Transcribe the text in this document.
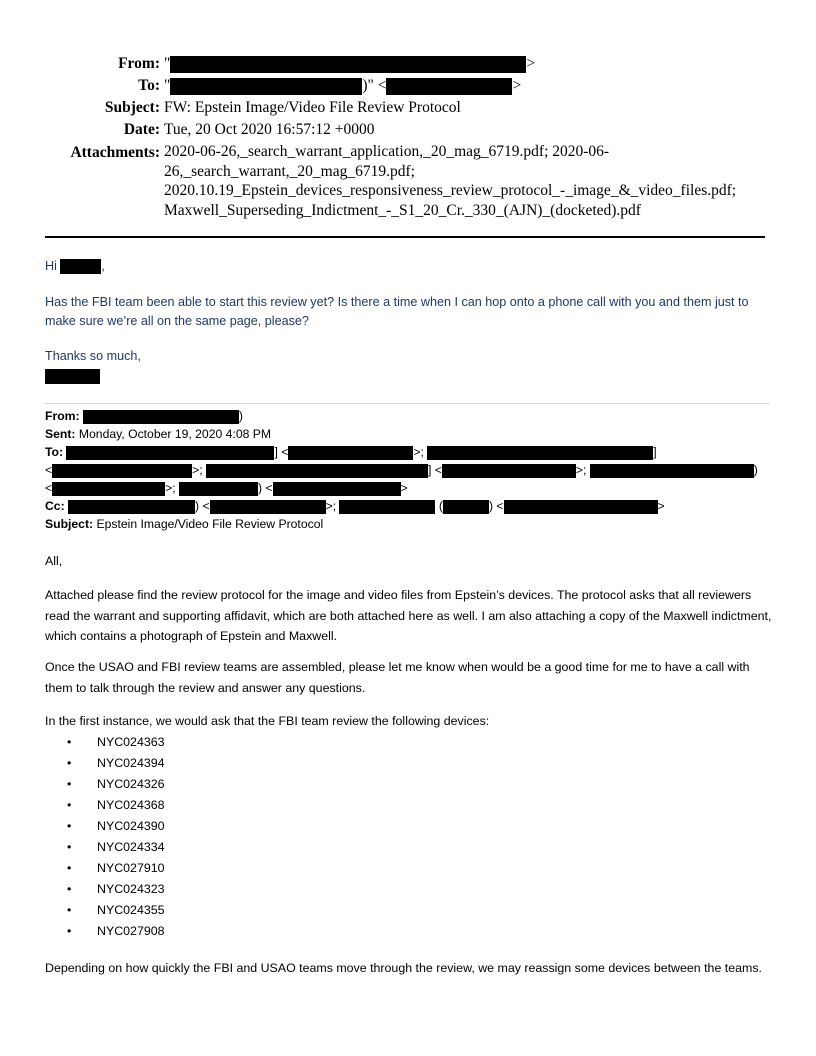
From: "	>
To: "	)" <	>
Subject: FW: Epstein Image/Video File Review Protocol
Date: Tue, 20 Oct 2020 16:57:12 +0000
Attachments: 2020-06-26,_search_warrant_application,_20_mag_6719.pdf; 2020-06-
26,_search_warrant,_20_mag_6719.pdf;
2020.10.19_Epstein_devices_responsiveness_review_protocol_-_image_&_video_files.pdf;
Maxwell_Superseding_Indictment_-_S1_20_Cr._330_(AJN)_(docketed).pdf
Hi	,
Has the FBI team been able to start this review yet? Is there a time when I can hop onto a phone call with you and them just to make sure we’re all on the same page, please?
Thanks so much,
From:	)
Sent: Monday, October 19, 2020 4:08 PM
To:	] <	>;	]
<	>;	] <	>;	)
<	>;	) <	>
Cc:	) <	>;	(	) <	>
Subject: Epstein Image/Video File Review Protocol
All,

Attached please find the review protocol for the image and video files from Epstein’s devices. The protocol asks that all reviewers read the warrant and supporting affidavit, which are both attached here as well. I am also attaching a copy of the Maxwell indictment, which contains a photograph of Epstein and Maxwell.

Once the USAO and FBI review teams are assembled, please let me know when would be a good time for me to have a call with them to talk through the review and answer any questions.

In the first instance, we would ask that the FBI team review the following devices:

• NYC024363
• NYC024394
• NYC024326
• NYC024368
• NYC024390
• NYC024334
• NYC027910
• NYC024323
• NYC024355
• NYC027908

Depending on how quickly the FBI and USAO teams move through the review, we may reassign some devices between the teams.
